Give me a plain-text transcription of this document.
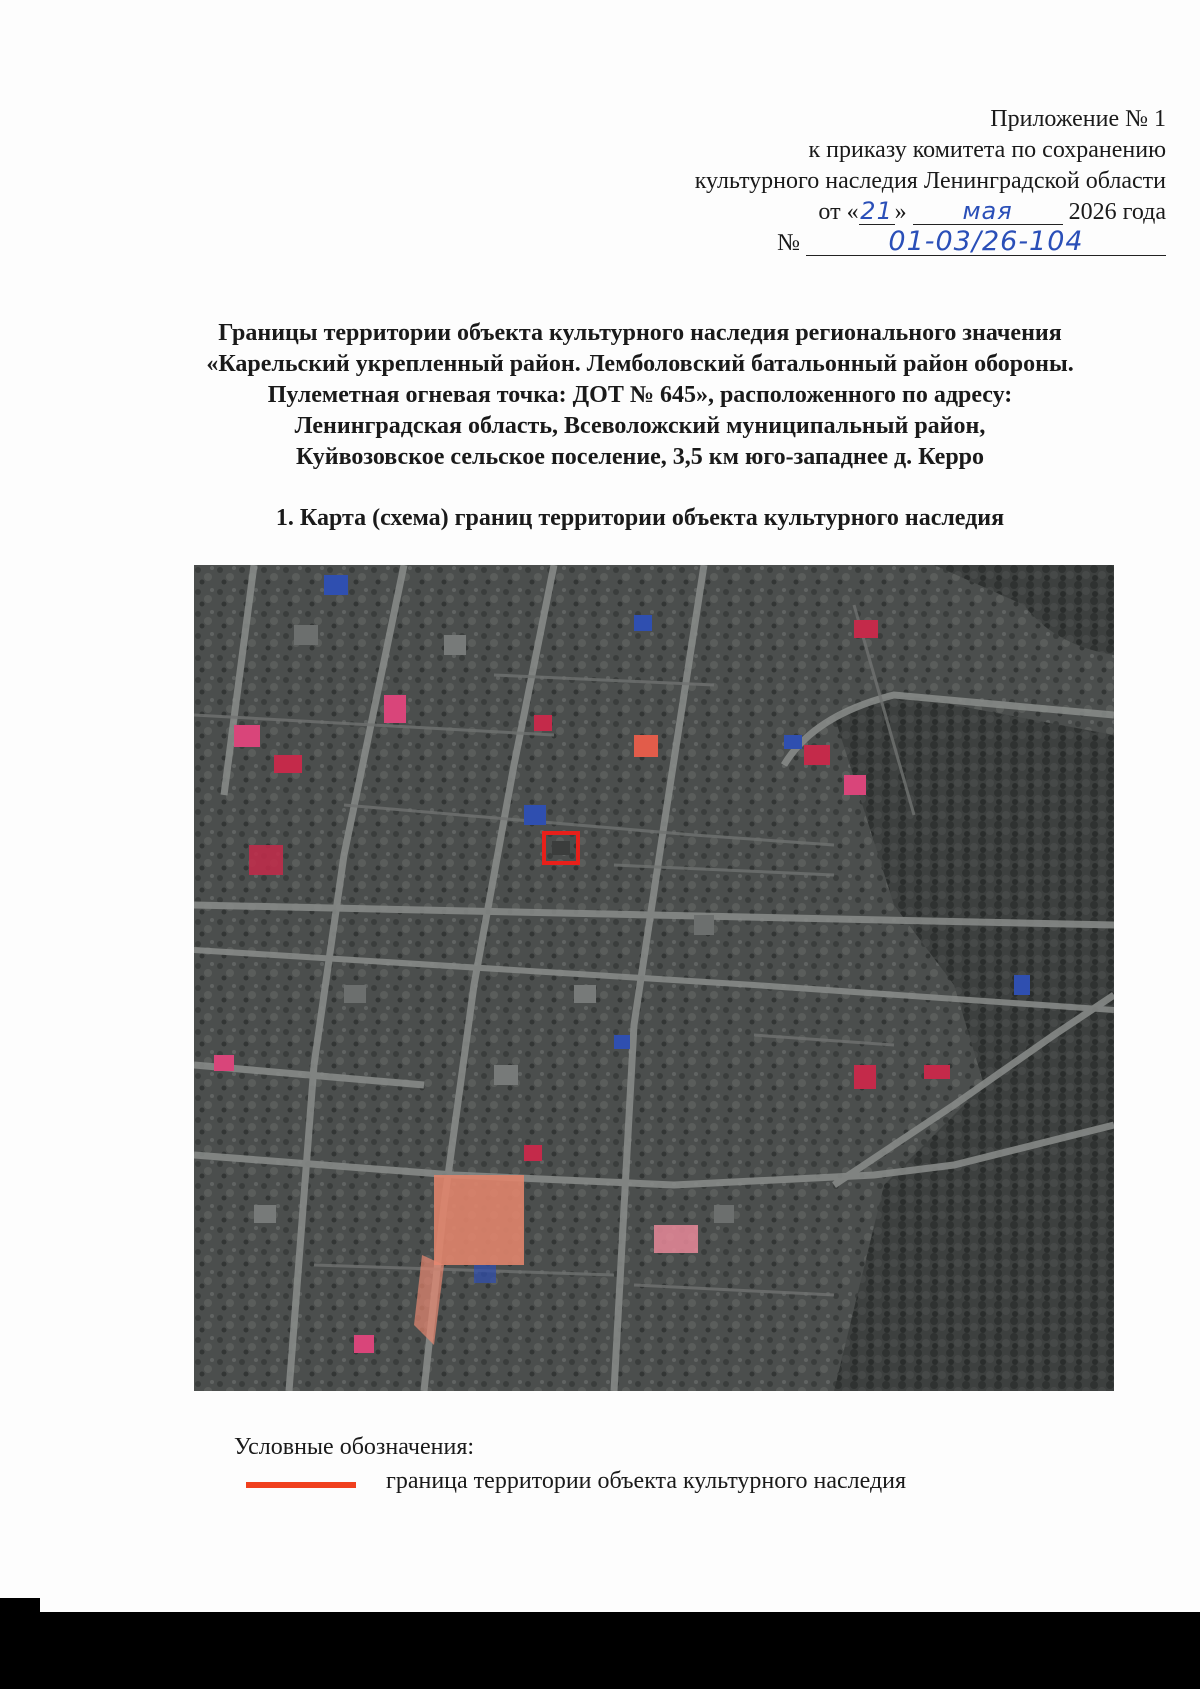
Приложение № 1
к приказу комитета по сохранению
культурного наследия Ленинградской области
от «21» мая 2026 года
№	01-03/26-104
Границы территории объекта культурного наследия регионального значения
«Карельский укрепленный район. Лемболовский батальонный район обороны.
Пулеметная огневая точка: ДОТ № 645», расположенного по адресу:
Ленинградская область, Всеволожский муниципальный район,
Куйвозовское сельское поселение, 3,5 км юго-западнее д. Керро
1. Карта (схема) границ территории объекта культурного наследия
Условные обозначения:
граница территории объекта культурного наследия
